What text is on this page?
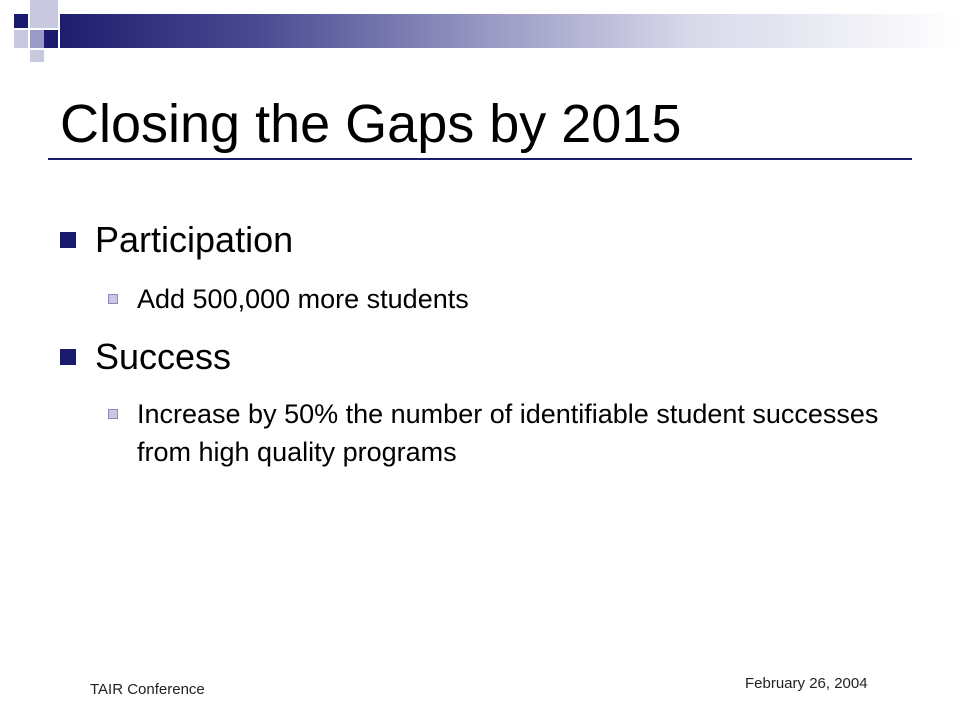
Closing the Gaps by 2015
Participation
Add 500,000 more students
Success
Increase by 50% the number of identifiable student successes from high quality programs
TAIR Conference	February 26, 2004
